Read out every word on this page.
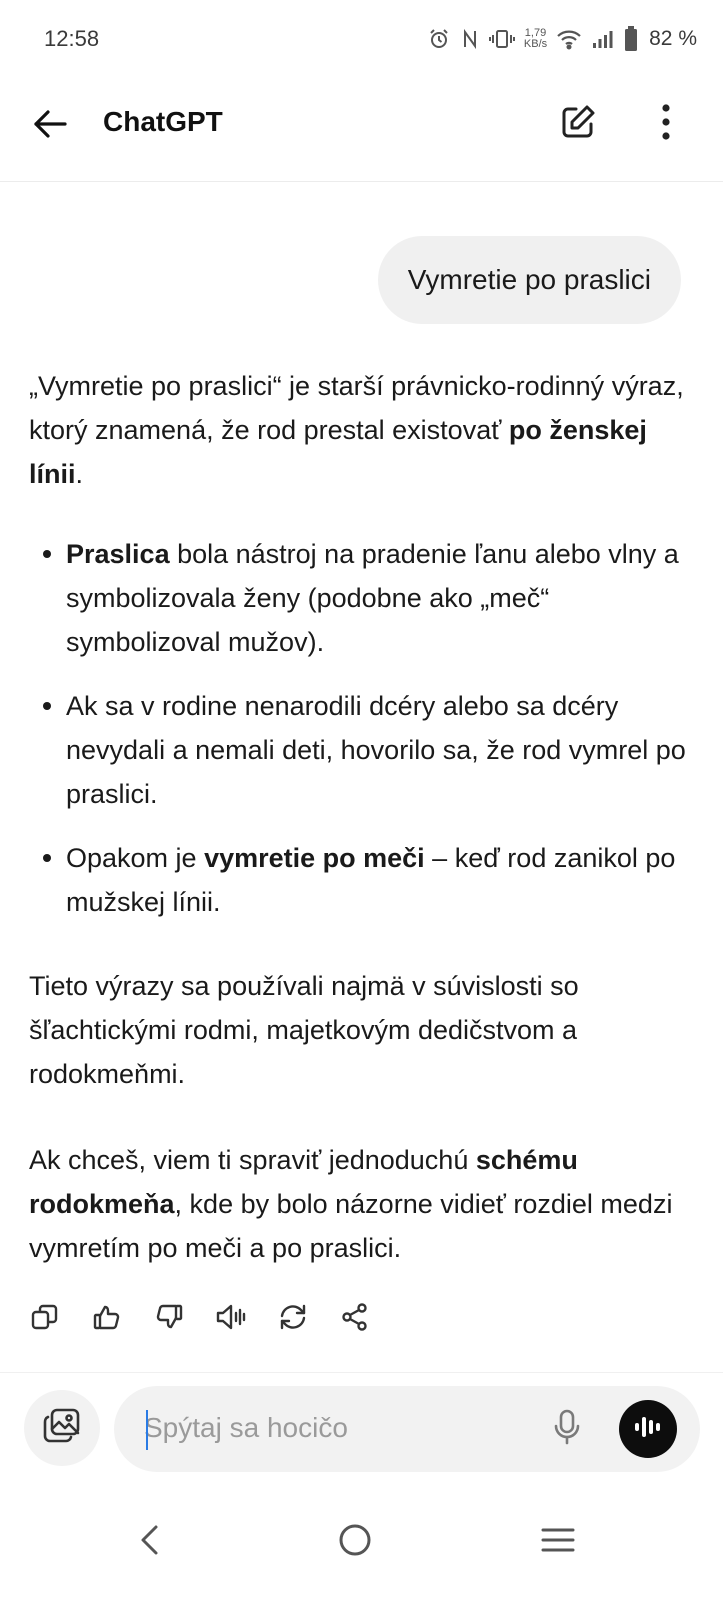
12:58	1,79
KB/s	82 %
ChatGPT
Vymretie po praslici

„Vymretie po praslici“ je starší právnicko-rodinný výraz, ktorý znamená, že rod prestal existovať po ženskej línii.

Praslica bola nástroj na pradenie ľanu alebo vlny a symbolizovala ženy (podobne ako „meč“ symbolizoval mužov).
Ak sa v rodine nenarodili dcéry alebo sa dcéry nevydali a nemali deti, hovorilo sa, že rod vymrel po praslici.
Opakom je vymretie po meči – keď rod zanikol po mužskej línii.

Tieto výrazy sa používali najmä v súvislosti so šľachtickými rodmi, majetkovým dedičstvom a rodokmeňmi.

Ak chceš, viem ti spraviť jednoduchú schému rodokmeňa, kde by bolo názorne vidieť rozdiel medzi vymretím po meči a po praslici.

Spýtaj sa hocičo
